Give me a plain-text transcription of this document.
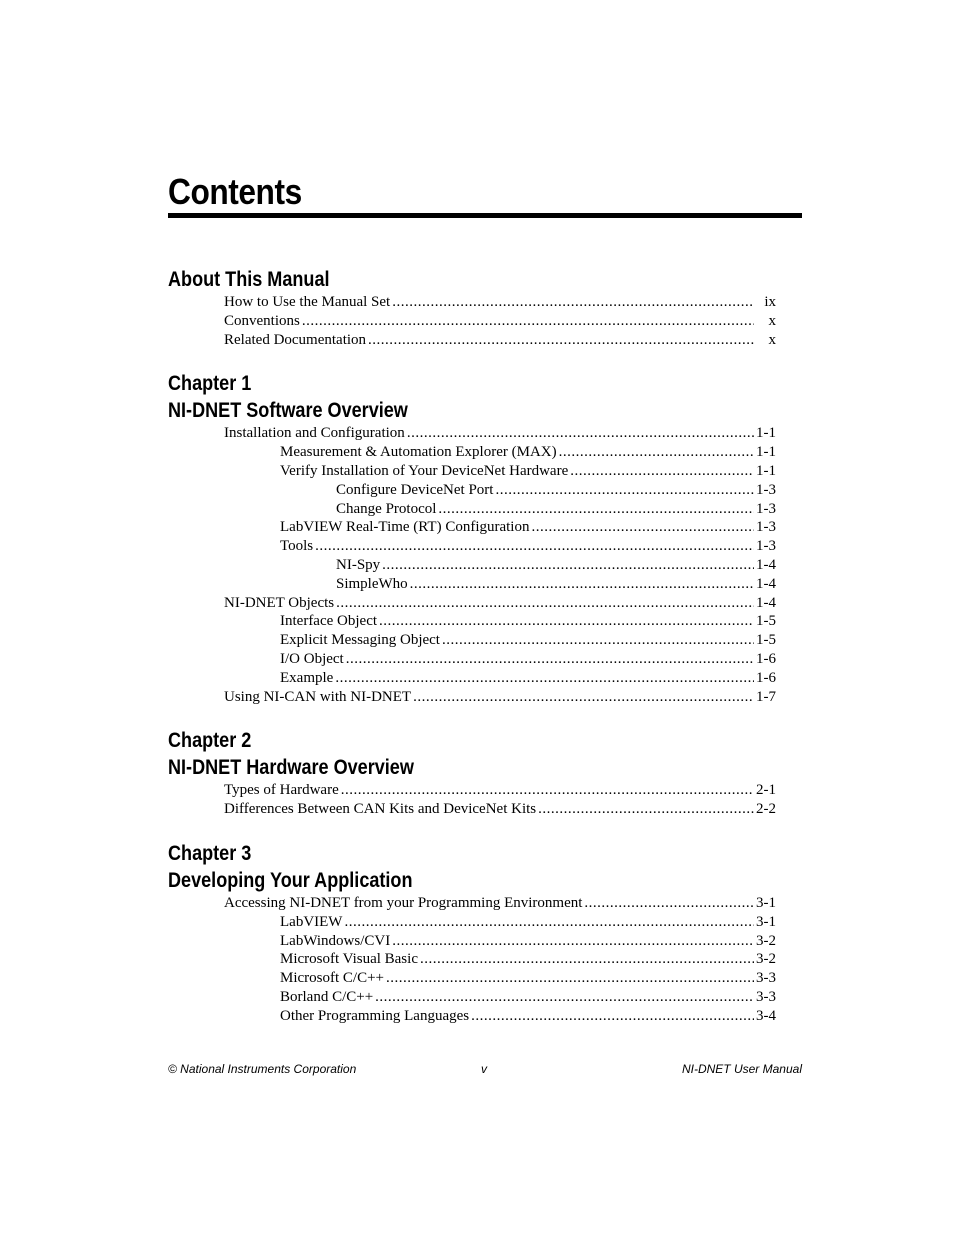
Contents
About This Manual
How to Use the Manual Set .....	ix
Conventions .....	x
Related Documentation .....	x
Chapter 1
NI-DNET Software Overview
Installation and Configuration .....	1-1
Measurement & Automation Explorer (MAX) .....	1-1
Verify Installation of Your DeviceNet Hardware .....	1-1
Configure DeviceNet Port .....	1-3
Change Protocol .....	1-3
LabVIEW Real-Time (RT) Configuration .....	1-3
Tools .....	1-3
NI-Spy .....	1-4
SimpleWho .....	1-4
NI-DNET Objects .....	1-4
Interface Object .....	1-5
Explicit Messaging Object .....	1-5
I/O Object .....	1-6
Example .....	1-6
Using NI-CAN with NI-DNET .....	1-7
Chapter 2
NI-DNET Hardware Overview
Types of Hardware .....	2-1
Differences Between CAN Kits and DeviceNet Kits .....	2-2
Chapter 3
Developing Your Application
Accessing NI-DNET from your Programming Environment .....	3-1
LabVIEW .....	3-1
LabWindows/CVI .....	3-2
Microsoft Visual Basic .....	3-2
Microsoft C/C++ .....	3-3
Borland C/C++ .....	3-3
Other Programming Languages .....	3-4
© National Instruments Corporation	v	NI-DNET User Manual
